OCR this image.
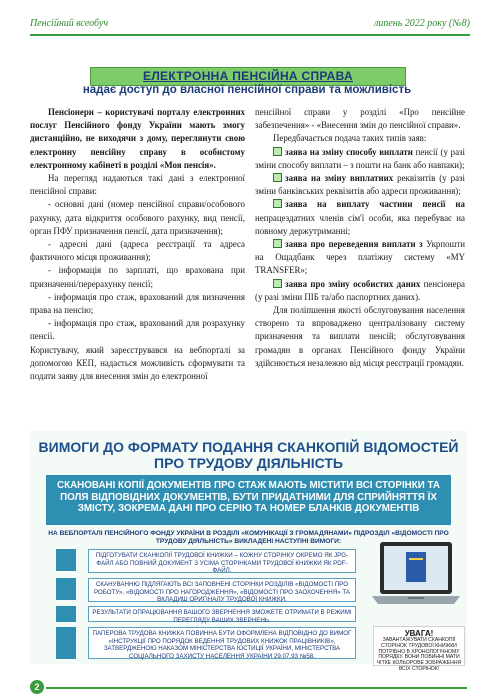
Пенсійний всеобуч	липень 2022 року (№8)
ЕЛЕКТРОННА ПЕНСІЙНА СПРАВА
надає доступ до власної пенсійної справи та можливість

Пенсіонери – користувачі порталу електронних послуг Пенсійного фонду України мають змогу дистанційно, не виходячи з дому, переглянути свою електронну пенсійну справу в особистому електронному кабінеті в розділі «Моя пенсія».

На перегляд надаються такі дані з електронної пенсійної справи:

- основні дані (номер пенсійної справи/особового рахунку, дата відкриття особового рахунку, вид пенсії, орган ПФУ призначення пенсії, дата призначення);

- адресні дані (адреса реєстрації та адреса фактичного місця проживання);

- інформація по зарплаті, що врахована при призначенні/перерахунку пенсії;

- інформація про стаж, врахований для визначення права на пенсію;

- інформація про стаж, врахований для розрахунку пенсії.

Користувачу, який зареєструвався на вебпорталі за допомогою КЕП, надається можливість сформувати та подати заяву для внесення змін до електронної

пенсійної справи у розділі «Про пенсійне забезпечення» - «Внесення змін до пенсійної справи».

Передбачається подача таких типів заяв:

заява на зміну способу виплати пенсії (у разі зміни способу виплати – з пошти на банк або навпаки);

заява на зміну виплатних реквізитів (у разі зміни банківських реквізитів або адреси проживання);

заява на виплату частини пенсії на непрацездатних членів сім'ї особи, яка перебуває на повному держутриманні;

заява про переведення виплати з Укрпошти на Ощадбанк через платіжну систему «MY TRANSFER»;

заява про зміну особистих даних пенсіонера (у разі зміни ПІБ та/або паспортних даних).

Для поліпшення якості обслуговування населення створено та впроваджено централізовану систему призначення та виплати пенсій; обслуговування громадян в органах Пенсійного фонду України здійснюється незалежно від місця реєстрації громадян.

ВИМОГИ ДО ФОРМАТУ ПОДАННЯ СКАНКОПІЙ ВІДОМОСТЕЙ ПРО ТРУДОВУ ДІЯЛЬНІСТЬ
СКАНОВАНІ КОПІЇ ДОКУМЕНТІВ ПРО СТАЖ МАЮТЬ МІСТИТИ ВСІ СТОРІНКИ ТА ПОЛЯ ВІДПОВІДНИХ ДОКУМЕНТІВ, БУТИ ПРИДАТНИМИ ДЛЯ СПРИЙНЯТТЯ ЇХ ЗМІСТУ, ЗОКРЕМА ДАНІ ПРО СЕРІЮ ТА НОМЕР БЛАНКІВ ДОКУМЕНТІВ
НА ВЕБПОРТАЛІ ПЕНСІЙНОГО ФОНДУ УКРАЇНИ В РОЗДІЛІ «КОМУНІКАЦІЇ З ГРОМАДЯНАМИ» ПІДРОЗДІЛ «ВІДОМОСТІ ПРО ТРУДОВУ ДІЯЛЬНІСТЬ» ВИКЛАДЕНІ НАСТУПНІ ВИМОГИ:
ПІДГОТУВАТИ СКАНКОПІЇ ТРУДОВОЇ КНИЖКИ – КОЖНУ СТОРІНКУ ОКРЕМО ЯК JPG-ФАЙЛ АБО ПОВНИЙ ДОКУМЕНТ З УСІМА СТОРІНКАМИ ТРУДОВОЇ КНИЖКИ ЯК PDF-ФАЙЛ.
СКАНУВАННЮ ПІДЛЯГАЮТЬ ВСІ ЗАПОВНЕНІ СТОРІНКИ РОЗДІЛІВ «ВІДОМОСТІ ПРО РОБОТУ», «ВІДОМОСТІ ПРО НАГОРОДЖЕННЯ», «ВІДОМОСТІ ПРО ЗАОХОЧЕННЯ» ТА ВКЛАДИШ ОРИГІНАЛУ ТРУДОВОЇ КНИЖКИ.
РЕЗУЛЬТАТИ ОПРАЦЮВАННЯ ВАШОГО ЗВЕРНЕННЯ ЗМОЖЕТЕ ОТРИМАТИ В РЕЖИМІ ПЕРЕГЛЯДУ ВАШИХ ЗВЕРНЕНЬ.
ПАПЕРОВА ТРУДОВА КНИЖКА ПОВИННА БУТИ ОФОРМЛЕНА ВІДПОВІДНО ДО ВИМОГ «ІНСТРУКЦІЇ ПРО ПОРЯДОК ВЕДЕННЯ ТРУДОВИХ КНИЖОК ПРАЦІВНИКІВ», ЗАТВЕРДЖЕНОЮ НАКАЗОМ МІНІСТЕРСТВА ЮСТИЦІЇ УКРАЇНИ, МІНІСТЕРСТВА СОЦІАЛЬНОГО ЗАХИСТУ НАСЕЛЕННЯ УКРАЇНИ 29.07.93 №58.
УВАГА!
ЗАВАНТАЖУВАТИ СКАНКОПІЇ СТОРІНОК ТРУДОВОЇ КНИЖКИ ПОТРІБНО В ХРОНОЛОГІЧНОМУ ПОРЯДКУ. ВОНИ ПОВИННІ МАТИ ЧІТКЕ КОЛЬОРОВЕ ЗОБРАЖЕННЯ ВСІХ СТОРІНОК!
2
